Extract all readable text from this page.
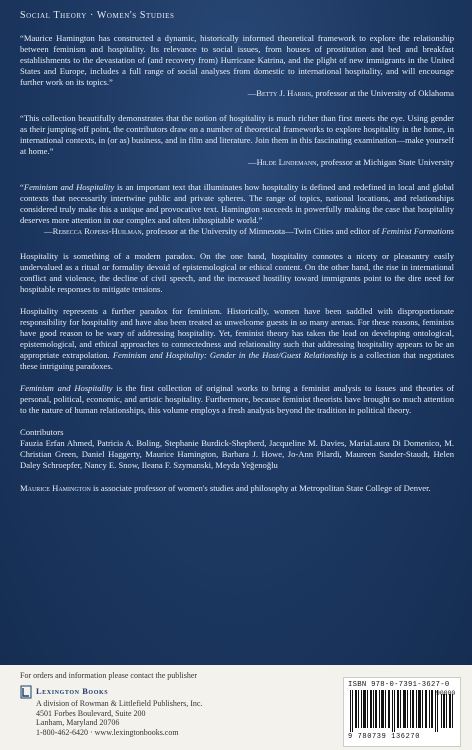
Social Theory · Women's Studies
“Maurice Hamington has constructed a dynamic, historically informed theoretical framework to explore the relationship between feminism and hospitality. Its relevance to social issues, from houses of prostitution and bed and breakfast establishments to the devastation of (and recovery from) Hurricane Katrina, and the plight of new immigrants in the United States and Europe, includes a full range of social analyses from domestic to international hospitality, and will encourage further work on its topics.”
—Betty J. Harris, professor at the University of Oklahoma
“This collection beautifully demonstrates that the notion of hospitality is much richer than first meets the eye. Using gender as their jumping-off point, the contributors draw on a number of theoretical frameworks to explore hospitality in the home, in international contexts, in (or as) business, and in film and literature. Join them in this fascinating examination—make yourself at home.”
—Hilde Lindemann, professor at Michigan State University
“Feminism and Hospitality is an important text that illuminates how hospitality is defined and redefined in local and global contexts that necessarily intertwine public and private spheres. The range of topics, national locations, and relationships considered truly make this a unique and provocative text. Hamington succeeds in powerfully making the case that hospitality deserves more attention in our complex and often inhospitable world.”
—Rebecca Ropers-Huilman, professor at the University of Minnesota—Twin Cities and editor of Feminist Formations

Hospitality is something of a modern paradox. On the one hand, hospitality connotes a nicety or pleasantry easily undervalued as a ritual or formality devoid of epistemological or ethical content. On the other hand, the rise in international conflict and violence, the decline of civil speech, and the increased hostility toward immigrants point to the dire need for hospitable responses to mitigate tensions.

Hospitality represents a further paradox for feminism. Historically, women have been saddled with disproportionate responsibility for hospitality and have also been treated as unwelcome guests in so many arenas. For these reasons, feminists have good reason to be wary of addressing hospitality. Yet, feminist theory has taken the lead on developing ontological, epistemological, and ethical approaches to connectedness and relationality such that addressing hospitality appears to be an appropriate extrapolation. Feminism and Hospitality: Gender in the Host/Guest Relationship is a collection that negotiates these intriguing paradoxes.

Feminism and Hospitality is the first collection of original works to bring a feminist analysis to issues and theories of personal, political, economic, and artistic hospitality. Furthermore, because feminist theorists have brought so much attention to the nature of human relationships, this volume employs a fresh analysis beyond the tradition in political theory.

Contributors
Fauzia Erfan Ahmed, Patricia A. Boling, Stephanie Burdick-Shepherd, Jacqueline M. Davies, MariaLaura Di Domenico, M. Christian Green, Daniel Haggerty, Maurice Hamington, Barbara J. Howe, Jo-Ann Pilardi, Maureen Sander-Staudt, Helen Daley Schroepfer, Nancy E. Snow, Ileana F. Szymanski, Meyda Yeğenoğlu

Maurice Hamington is associate professor of women's studies and philosophy at Metropolitan State College of Denver.

For orders and information please contact the publisher
Lexington Books
A division of Rowman & Littlefield Publishers, Inc.
4501 Forbes Boulevard, Suite 200
Lanham, Maryland 20706
1-800-462-6420 · www.lexingtonbooks.com
ISBN 978-0-7391-3627-0
90000
9 780739 136270
